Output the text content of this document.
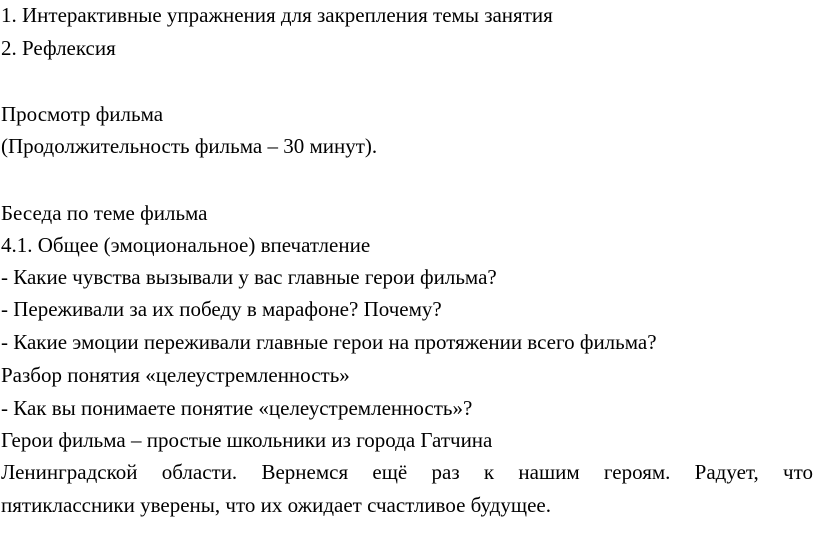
1. Интерактивные упражнения для закрепления темы занятия
2. Рефлексия
Просмотр фильма
(Продолжительность фильма – 30 минут).
Беседа по теме фильма
4.1. Общее (эмоциональное) впечатление
- Какие чувства вызывали у вас главные герои фильма?
- Переживали за их победу в марафоне? Почему?
- Какие эмоции переживали главные герои на протяжении всего фильма?
Разбор понятия «целеустремленность»
- Как вы понимаете понятие «целеустремленность»?
Герои фильма – простые школьники из города Гатчина
Ленинградской области. Вернемся ещё раз к нашим героям. Радует, что
пятиклассники уверены, что их ожидает счастливое будущее.
